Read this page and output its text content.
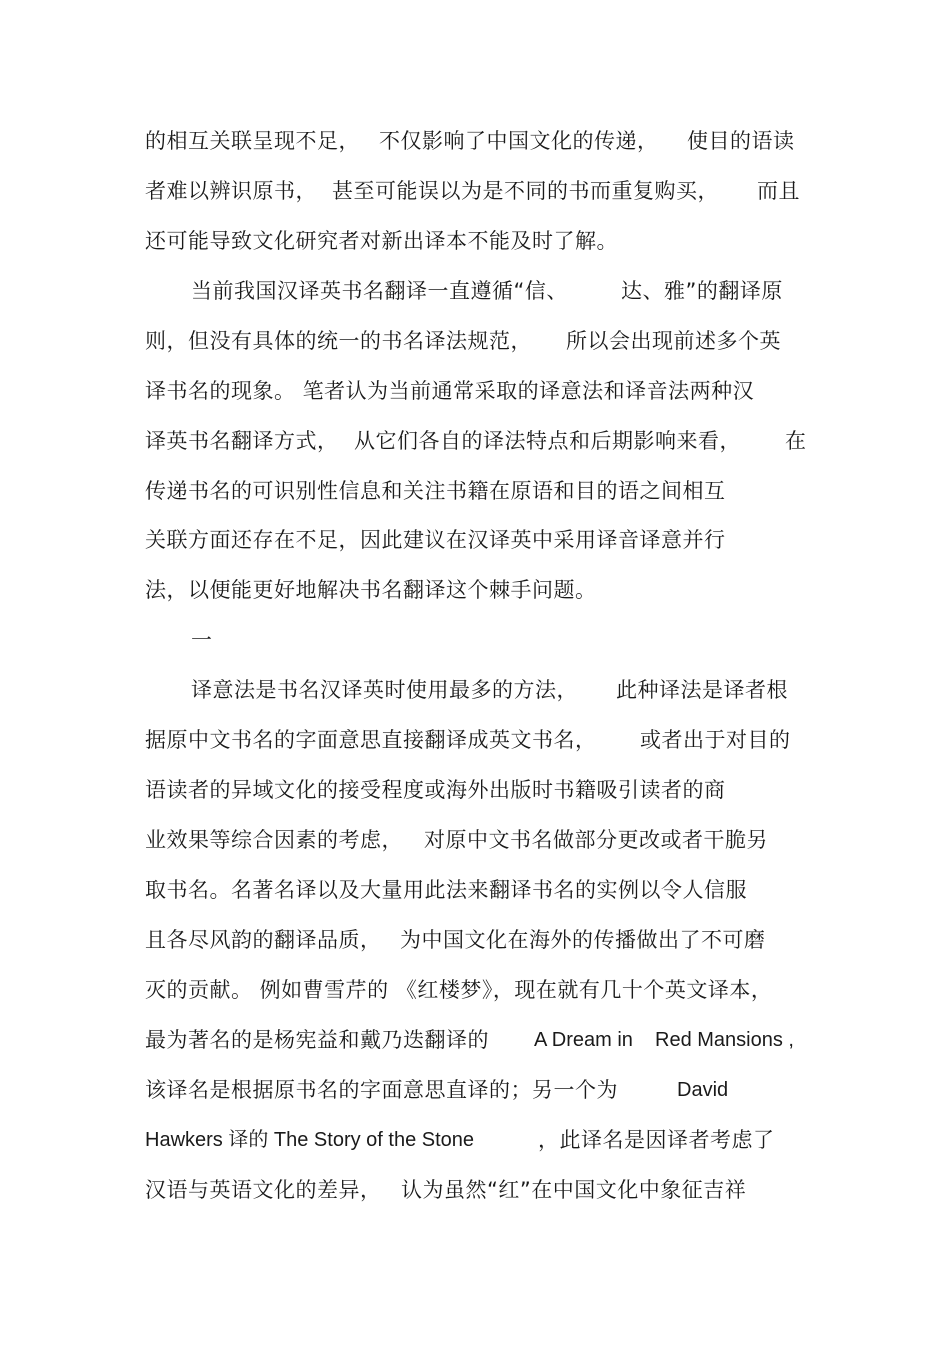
的相互关联呈现不足， 不仅影响了中国文化的传递， 使目的语读
者难以辨识原书， 甚至可能误以为是不同的书而重复购买， 而且
还可能导致文化研究者对新出译本不能及时了解。
当前我国汉译英书名翻译一直遵循“信、	达、雅”的翻译原
则，但没有具体的统一的书名译法规范， 所以会出现前述多个英
译书名的现象。 笔者认为当前通常采取的译意法和译音法两种汉
译英书名翻译方式， 从它们各自的译法特点和后期影响来看， 在
传递书名的可识别性信息和关注书籍在原语和目的语之间相互
关联方面还存在不足，因此建议在汉译英中采用译音译意并行
法，以便能更好地解决书名翻译这个棘手问题。
一
译意法是书名汉译英时使用最多的方法， 此种译法是译者根
据原中文书名的字面意思直接翻译成英文书名， 或者出于对目的
语读者的异域文化的接受程度或海外出版时书籍吸引读者的商
业效果等综合因素的考虑， 对原中文书名做部分更改或者干脆另
取书名。名著名译以及大量用此法来翻译书名的实例以令人信服
且各尽风韵的翻译品质， 为中国文化在海外的传播做出了不可磨
灭的贡献。 例如曹雪芹的 《红楼梦》，现在就有几十个英文译本，
最为著名的是杨宪益和戴乃迭翻译的 A Dream in Red Mansions ,
该译名是根据原书名的字面意思直译的；另一个为	David
Hawkers 译的 The Story of the Stone	，此译名是因译者考虑了
汉语与英语文化的差异， 认为虽然“红”在中国文化中象征吉祥
